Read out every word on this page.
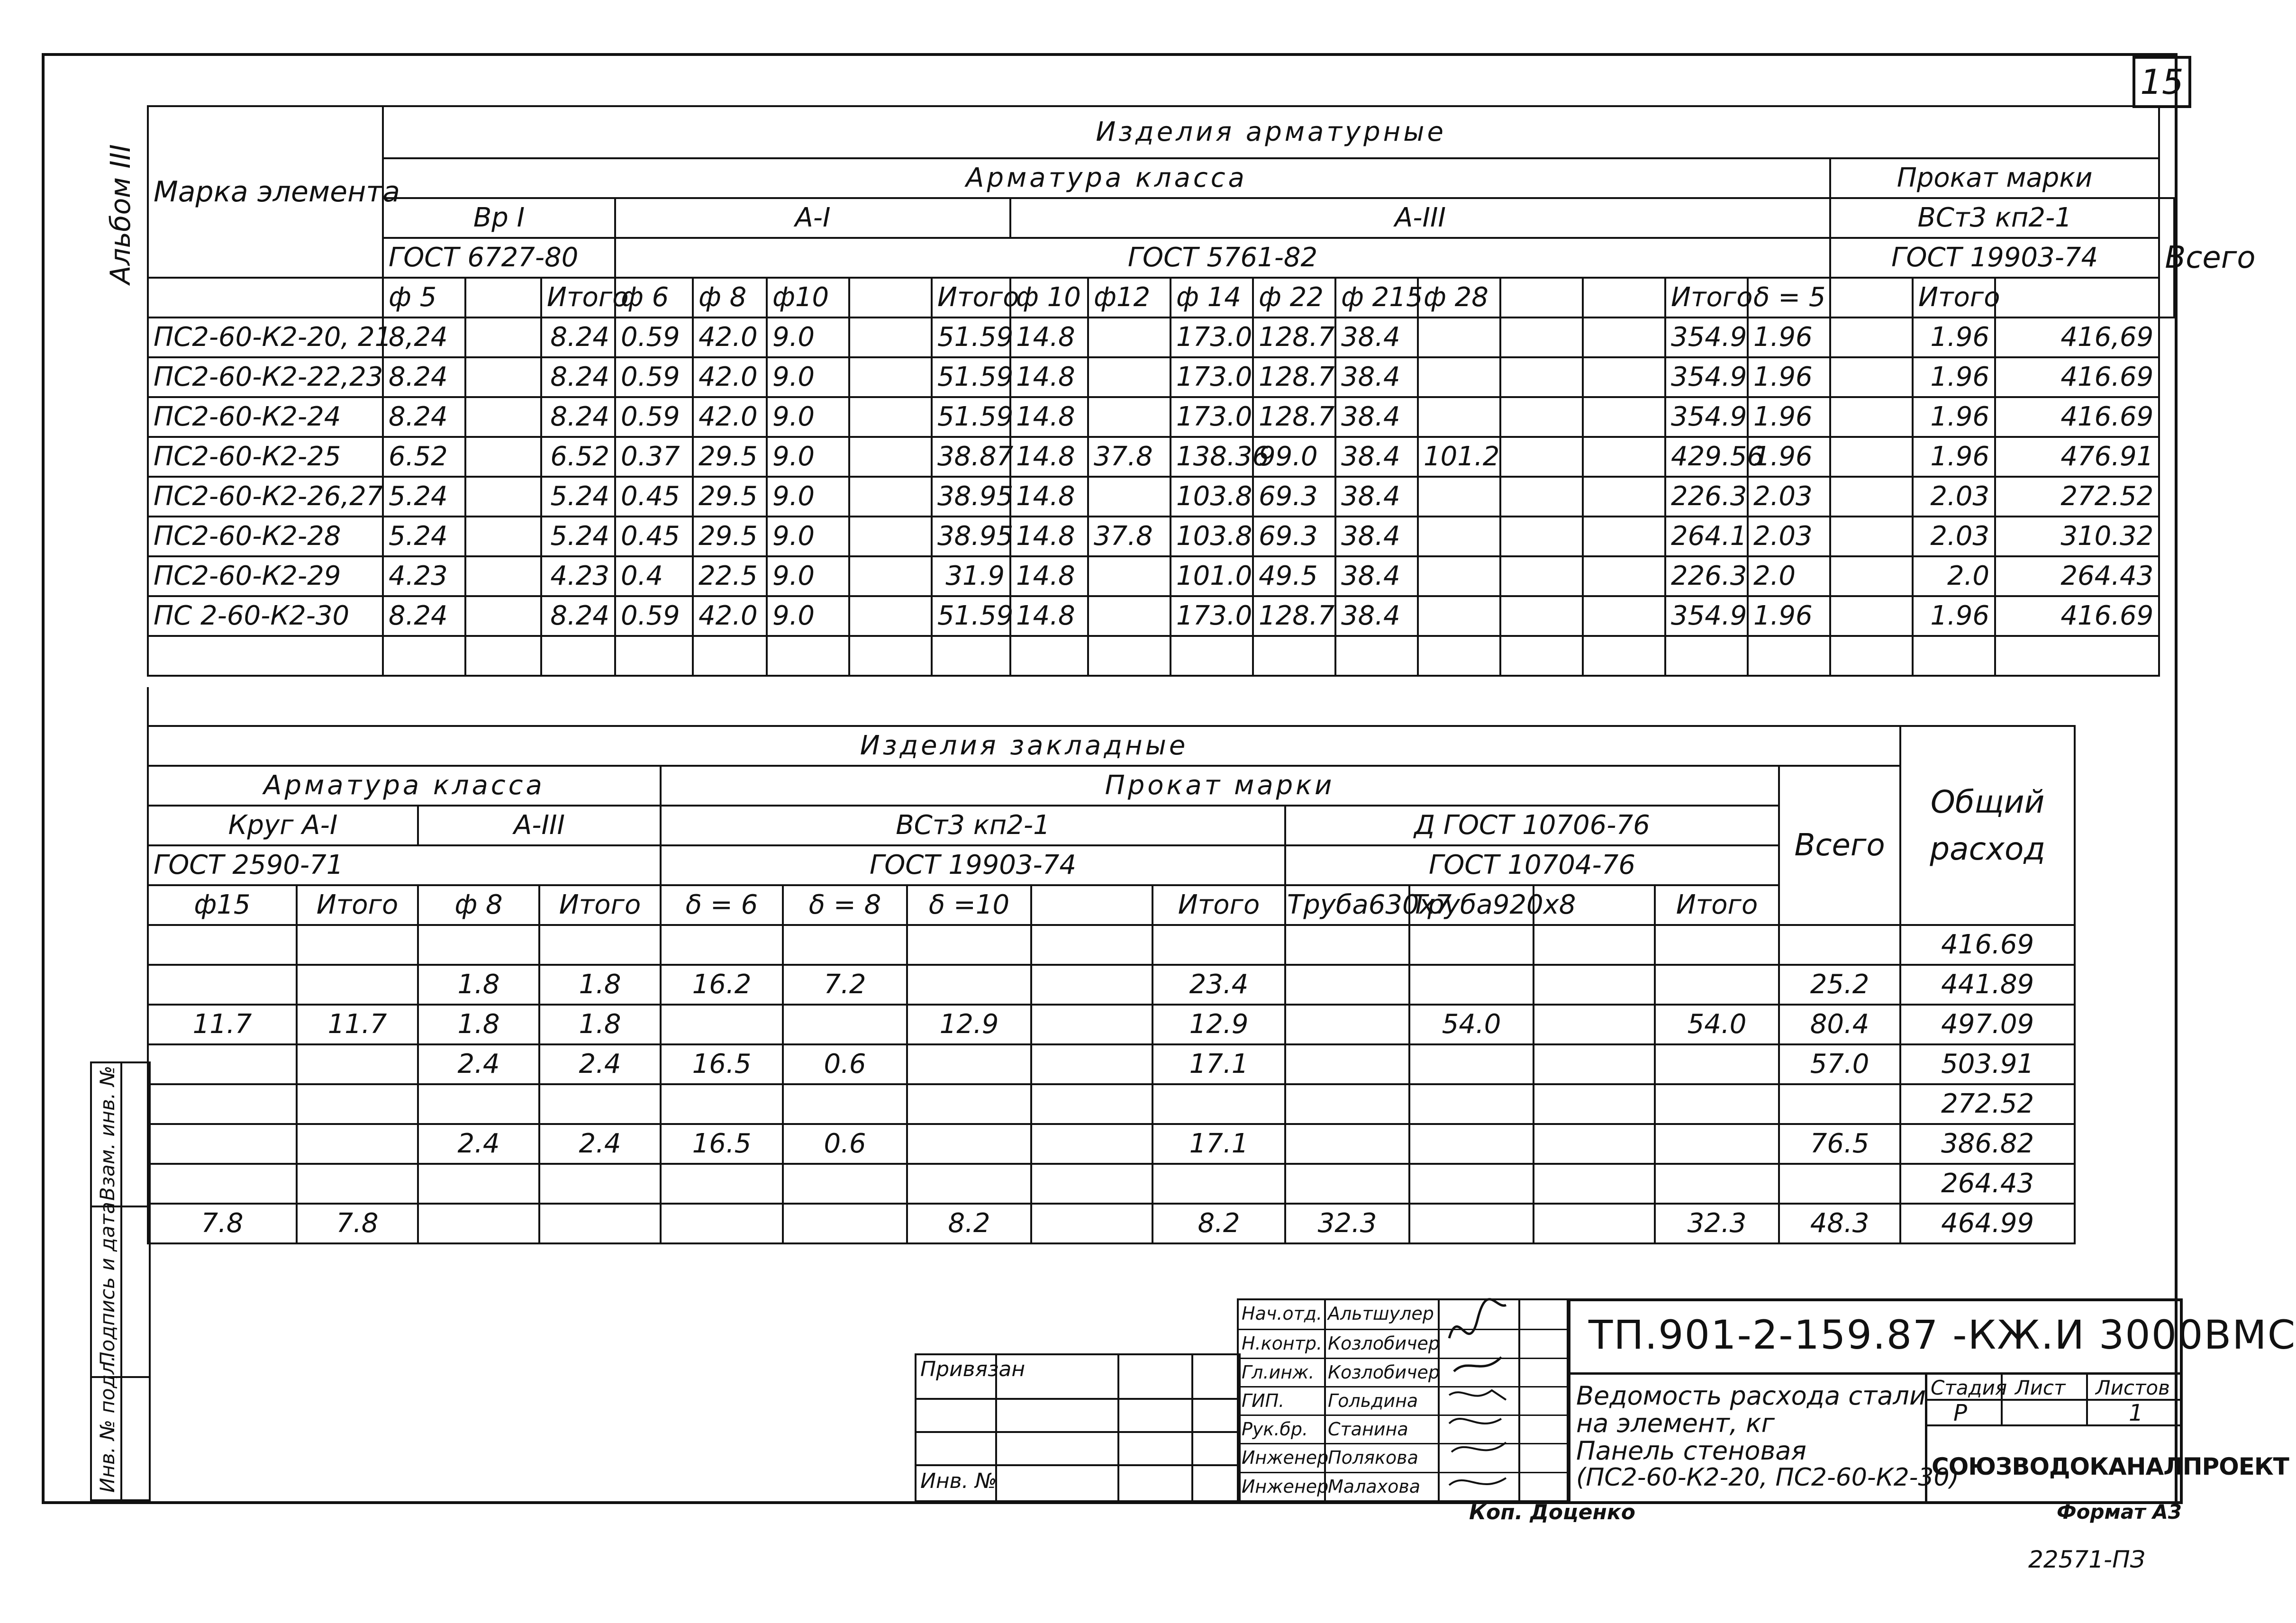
15
Альбом III Марка элемента	Изделия арматурные																					
	Арматура класса																		Прокат марки			
	Вр I			А-I					А-III										ВСт3 кп2-1			Всего
	ГОСТ 6727-80			ГОСТ 5761-82															ГОСТ 19903-74			
	ф 5		Итого	ф 6	ф 8	ф10		Итого	ф 10	ф12	ф 14	ф 22	ф 215	ф 28			Итого	δ = 5		Итого		
ПС2-60-К2-20, 21	8,24		8.24	0.59	42.0	9.0		51.59	14.8		173.0	128.7	38.4				354.9	1.96		1.96	416,69	
ПС2-60-К2-22,23	8.24		8.24	0.59	42.0	9.0		51.59	14.8		173.0	128.7	38.4				354.9	1.96		1.96	416.69	
ПС2-60-К2-24	8.24		8.24	0.59	42.0	9.0		51.59	14.8		173.0	128.7	38.4				354.9	1.96		1.96	416.69	
ПС2-60-К2-25	6.52		6.52	0.37	29.5	9.0		38.87	14.8	37.8	138.36	99.0	38.4	101.2			429.56	1.96		1.96	476.91	
ПС2-60-К2-26,27	5.24		5.24	0.45	29.5	9.0		38.95	14.8		103.8	69.3	38.4				226.3	2.03		2.03	272.52	
ПС2-60-К2-28	5.24		5.24	0.45	29.5	9.0		38.95	14.8	37.8	103.8	69.3	38.4				264.1	2.03		2.03	310.32	
ПС2-60-К2-29	4.23		4.23	0.4	22.5	9.0		31.9	14.8		101.0	49.5	38.4				226.3	2.0		2.0	264.43	
ПС 2-60-К2-30	8.24		8.24	0.59	42.0	9.0		51.59	14.8		173.0	128.7	38.4				354.9	1.96		1.96	416.69	

Изделия закладные														Общий расход
Арматура класса				Прокат марки									Всего	
Круг А-I		А-III		ВСт3 кп2-1					Д ГОСТ 10706-76					
ГОСТ 2590-71				ГОСТ 19903-74					ГОСТ 10704-76					
ф15	Итого	ф 8	Итого	δ = 6	δ = 8	δ =10		Итого	Труба630х7	Труба920х8		Итого		
														416.69
		1.8	1.8	16.2	7.2			23.4					25.2	441.89
11.7	11.7	1.8	1.8			12.9		12.9		54.0		54.0	80.4	497.09
		2.4	2.4	16.5	0.6			17.1					57.0	503.91
														272.52
		2.4	2.4	16.5	0.6			17.1					76.5	386.82
														264.43
7.8	7.8					8.2		8.2	32.3			32.3	48.3	464.99
Инв. № подл.
Подпись и дата
Взам. инв. №
Привязан
Инв. №
Нач.отд. Альтшулер
Н.контр. Козлобичер
Гл.инж. Козлобичер
ГИП. Гольдина
Рук.бр. Станина
Инженер
Полякова
Инженер
Малахова
ТП.901-2-159.87 -КЖ.И 3000ВМС
Ведомость расхода стали
на элемент, кг
Панель стеновая
(ПС2-60-К2-20, ПС2-60-К2-30)
Стадия Лист Листов
Р	1
СОЮЗВОДОКАНАЛПРОЕКТ
Коп. Доценко	Формат А3
22571-ПЗ
